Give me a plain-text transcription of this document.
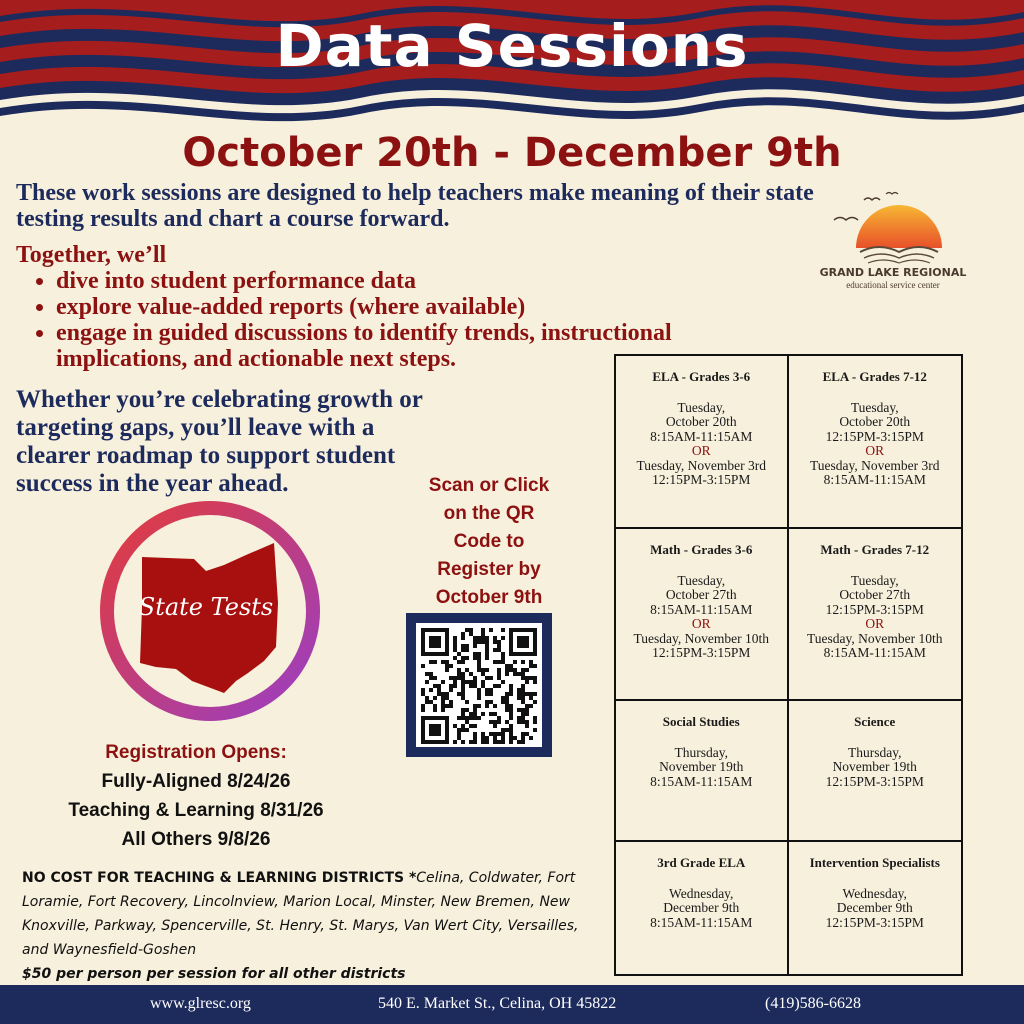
Data Sessions
October 20th - December 9th
These work sessions are designed to help teachers make meaning of their state testing results and chart a course forward.
Together, we’ll
• dive into student performance data
• explore value-added reports (where available)
• engage in guided discussions to identify trends, instructional implications, and actionable next steps.
Whether you’re celebrating growth or targeting gaps, you’ll leave with a clearer roadmap to support student success in the year ahead.
GRAND LAKE REGIONAL
educational service center
State Tests
Registration Opens:
Fully-Aligned 8/24/26
Teaching & Learning 8/31/26
All Others 9/8/26
Scan or Click
on the QR
Code to
Register by
October 9th
NO COST FOR TEACHING & LEARNING DISTRICTS *Celina, Coldwater, Fort Loramie, Fort Recovery, Lincolnview, Marion Local, Minster, New Bremen, New Knoxville, Parkway, Spencerville, St. Henry, St. Marys, Van Wert City, Versailles, and Waynesfield-Goshen
$50 per person per session for all other districts
ELA - Grades 3-6
Tuesday,
October 20th
8:15AM-11:15AM
OR
Tuesday, November 3rd
12:15PM-3:15PM
ELA - Grades 7-12
Tuesday,
October 20th
12:15PM-3:15PM
OR
Tuesday, November 3rd
8:15AM-11:15AM
Math - Grades 3-6
Tuesday,
October 27th
8:15AM-11:15AM
OR
Tuesday, November 10th
12:15PM-3:15PM
Math - Grades 7-12
Tuesday,
October 27th
12:15PM-3:15PM
OR
Tuesday, November 10th
8:15AM-11:15AM
Social Studies
Thursday,
November 19th
8:15AM-11:15AM
Science
Thursday,
November 19th
12:15PM-3:15PM
3rd Grade ELA
Wednesday,
December 9th
8:15AM-11:15AM
Intervention Specialists
Wednesday,
December 9th
12:15PM-3:15PM
www.glresc.org	540 E. Market St., Celina, OH 45822	(419)586-6628
